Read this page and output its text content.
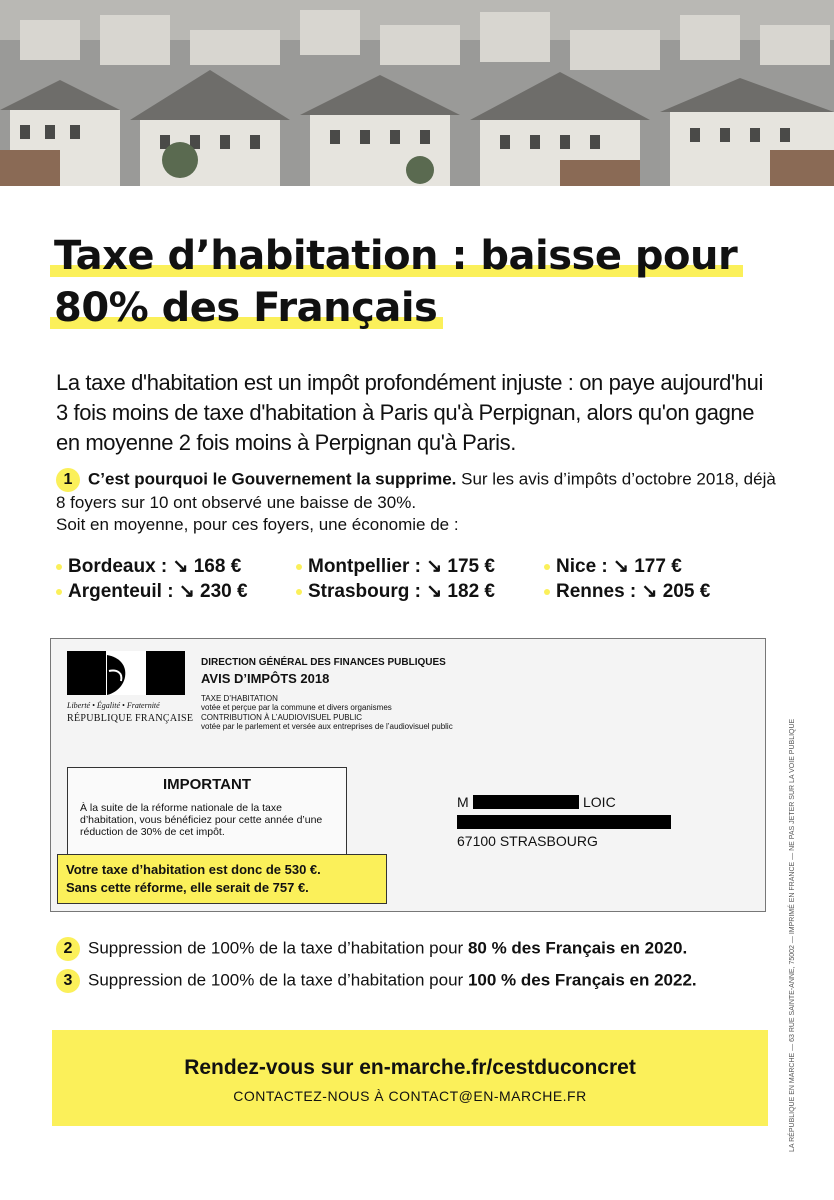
Taxe d’habitation : baisse pour
80% des Français
La taxe d'habitation est un impôt profondément injuste : on paye aujourd'hui 3 fois moins de taxe d'habitation à Paris qu'à Perpignan, alors qu'on gagne en moyenne 2 fois moins à Perpignan qu'à Paris.
1 C’est pourquoi le Gouvernement la supprime. Sur les avis d’impôts d’octobre 2018, déjà 8 foyers sur 10 ont observé une baisse de 30%.
Soit en moyenne, pour ces foyers, une économie de :
Bordeaux : ↘ 168 €	Montpellier : ↘ 175 €	Nice : ↘ 177 €
Argenteuil : ↘ 230 €	Strasbourg : ↘ 182 €	Rennes : ↘ 205 €
Liberté • Égalité • Fraternité
RÉPUBLIQUE FRANÇAISE
DIRECTION GÉNÉRAL DES FINANCES PUBLIQUES
AVIS D’IMPÔTS 2018
TAXE D’HABITATION
votée et perçue par la commune et divers organismes
CONTRIBUTION À L’AUDIOVISUEL PUBLIC
votée par le parlement et versée aux entreprises de l’audiovisuel public
IMPORTANT
À la suite de la réforme nationale de la taxe d’habitation, vous bénéficiez pour cette année d’une réduction de 30% de cet impôt.
Votre taxe d’habitation est donc de 530 €.
Sans cette réforme, elle serait de 757 €.
M	LOIC
67100 STRASBOURG
2 Suppression de 100% de la taxe d’habitation pour 80 % des Français en 2020.
3 Suppression de 100% de la taxe d’habitation pour 100 % des Français en 2022.
Rendez-vous sur en-marche.fr/cestduconcret
CONTACTEZ-NOUS À CONTACT@EN-MARCHE.FR	LA RÉPUBLIQUE EN MARCHE — 63 RUE SAINTE-ANNE, 75002 — IMPRIMÉ EN FRANCE — NE PAS JETER SUR LA VOIE PUBLIQUE
